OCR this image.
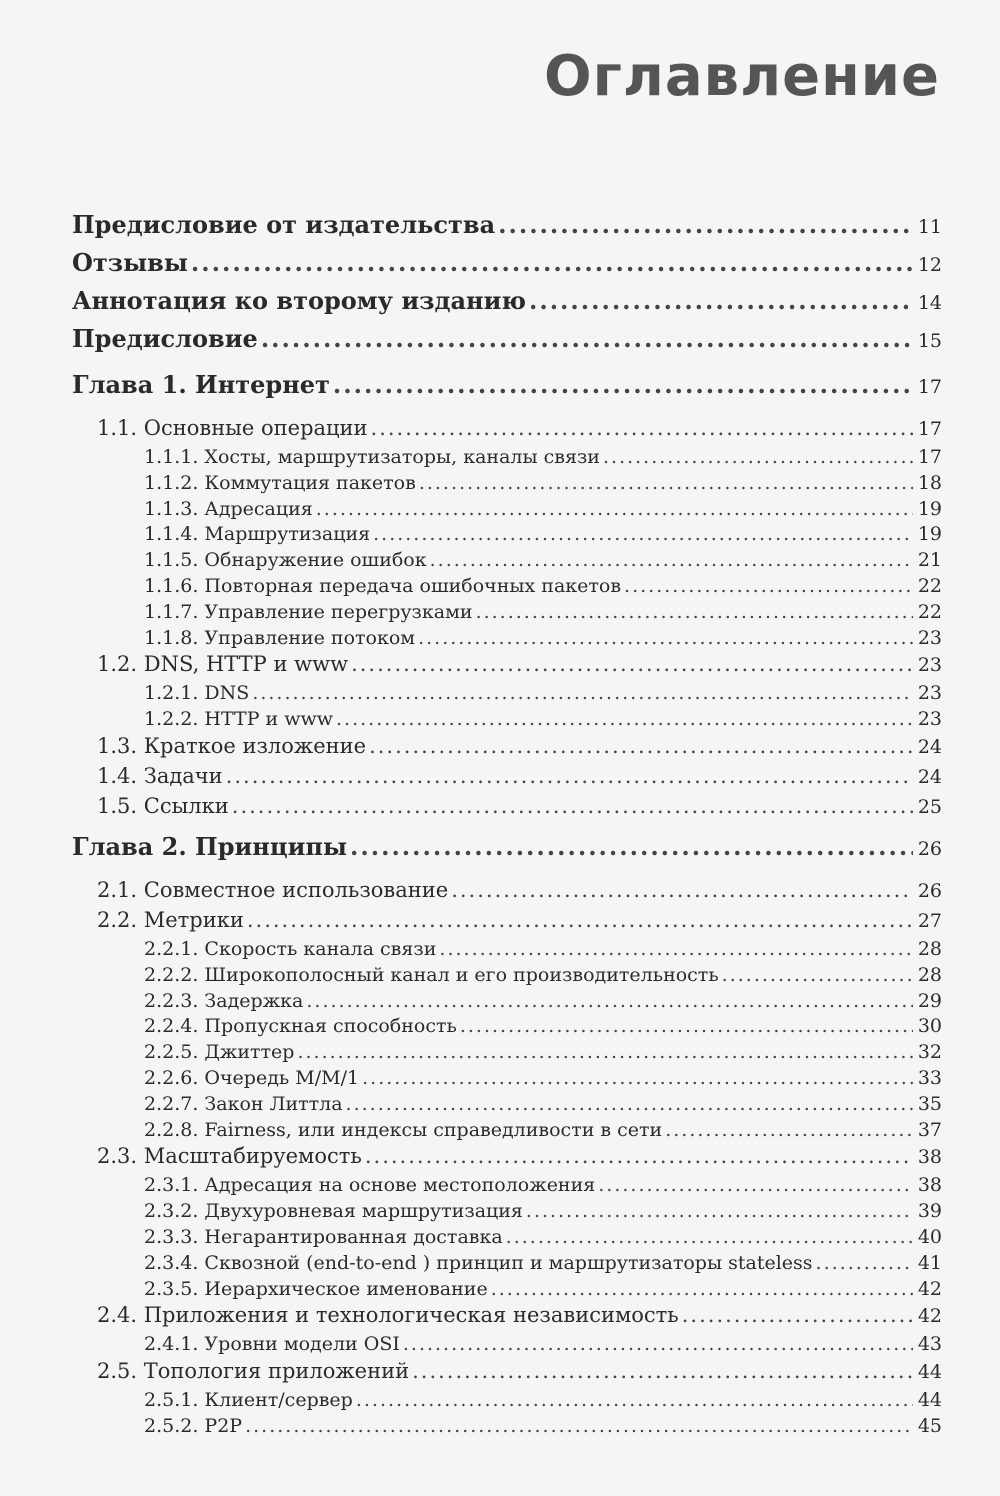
Оглавление
Предисловие от издательства .....	11
Отзывы .....	12
Аннотация ко второму изданию .....	14
Предисловие .....	15
Глава 1. Интернет .....	17
1.1. Основные операции .....	17
1.1.1. Хосты, маршрутизаторы, каналы связи .....	17
1.1.2. Коммутация пакетов .....	18
1.1.3. Адресация .....	19
1.1.4. Маршрутизация .....	19
1.1.5. Обнаружение ошибок .....	21
1.1.6. Повторная передача ошибочных пакетов .....	22
1.1.7. Управление перегрузками .....	22
1.1.8. Управление потоком .....	23
1.2. DNS, HTTP и www .....	23
1.2.1. DNS .....	23
1.2.2. HTTP и www .....	23
1.3. Краткое изложение .....	24
1.4. Задачи .....	24
1.5. Ссылки .....	25
Глава 2. Принципы .....	26
2.1. Совместное использование .....	26
2.2. Метрики .....	27
2.2.1. Скорость канала связи .....	28
2.2.2. Широкополосный канал и его производительность .....	28
2.2.3. Задержка .....	29
2.2.4. Пропускная способность .....	30
2.2.5. Джиттер .....	32
2.2.6. Очередь M/M/1 .....	33
2.2.7. Закон Литтла .....	35
2.2.8. Fairness, или индексы справедливости в сети .....	37
2.3. Масштабируемость .....	38
2.3.1. Адресация на основе местоположения .....	38
2.3.2. Двухуровневая маршрутизация .....	39
2.3.3. Негарантированная доставка .....	40
2.3.4. Сквозной (end-to-end ) принцип и маршрутизаторы stateless .....	41
2.3.5. Иерархическое именование .....	42
2.4. Приложения и технологическая независимость .....	42
2.4.1. Уровни модели OSI .....	43
2.5. Топология приложений .....	44
2.5.1. Клиент/сервер .....	44
2.5.2. P2P .....	45
